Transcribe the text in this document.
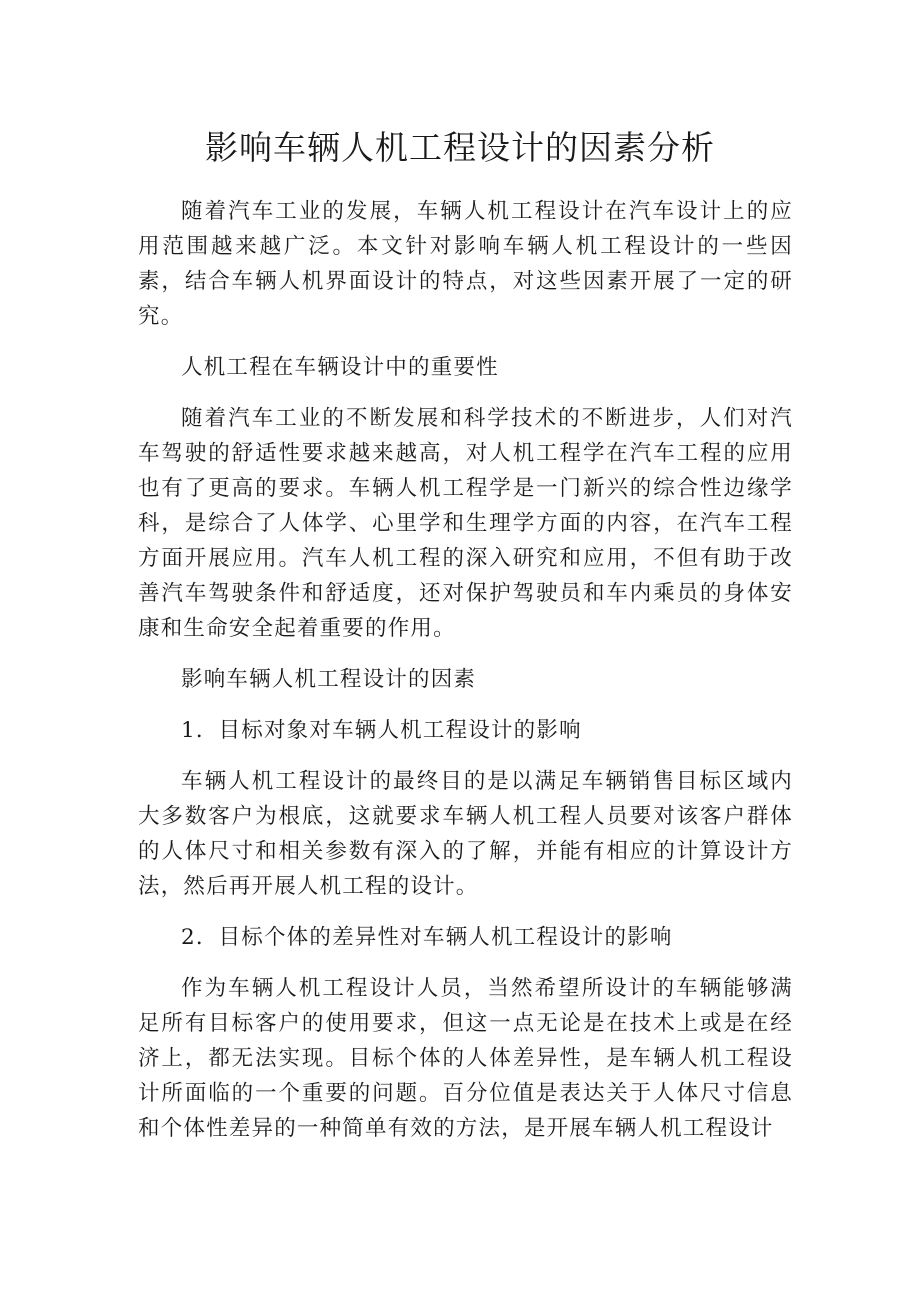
影响车辆人机工程设计的因素分析

随着汽车工业的发展，车辆人机工程设计在汽车设计上的应用范围越来越广泛。本文针对影响车辆人机工程设计的一些因素，结合车辆人机界面设计的特点，对这些因素开展了一定的研究。

人机工程在车辆设计中的重要性

随着汽车工业的不断发展和科学技术的不断进步，人们对汽车驾驶的舒适性要求越来越高，对人机工程学在汽车工程的应用也有了更高的要求。车辆人机工程学是一门新兴的综合性边缘学科，是综合了人体学、心里学和生理学方面的内容，在汽车工程方面开展应用。汽车人机工程的深入研究和应用，不但有助于改善汽车驾驶条件和舒适度，还对保护驾驶员和车内乘员的身体安康和生命安全起着重要的作用。

影响车辆人机工程设计的因素

1．目标对象对车辆人机工程设计的影响

车辆人机工程设计的最终目的是以满足车辆销售目标区域内大多数客户为根底，这就要求车辆人机工程人员要对该客户群体的人体尺寸和相关参数有深入的了解，并能有相应的计算设计方法，然后再开展人机工程的设计。

2．目标个体的差异性对车辆人机工程设计的影响

作为车辆人机工程设计人员，当然希望所设计的车辆能够满足所有目标客户的使用要求，但这一点无论是在技术上或是在经济上，都无法实现。目标个体的人体差异性，是车辆人机工程设计所面临的一个重要的问题。百分位值是表达关于人体尺寸信息和个体性差异的一种简单有效的方法，是开展车辆人机工程设计
